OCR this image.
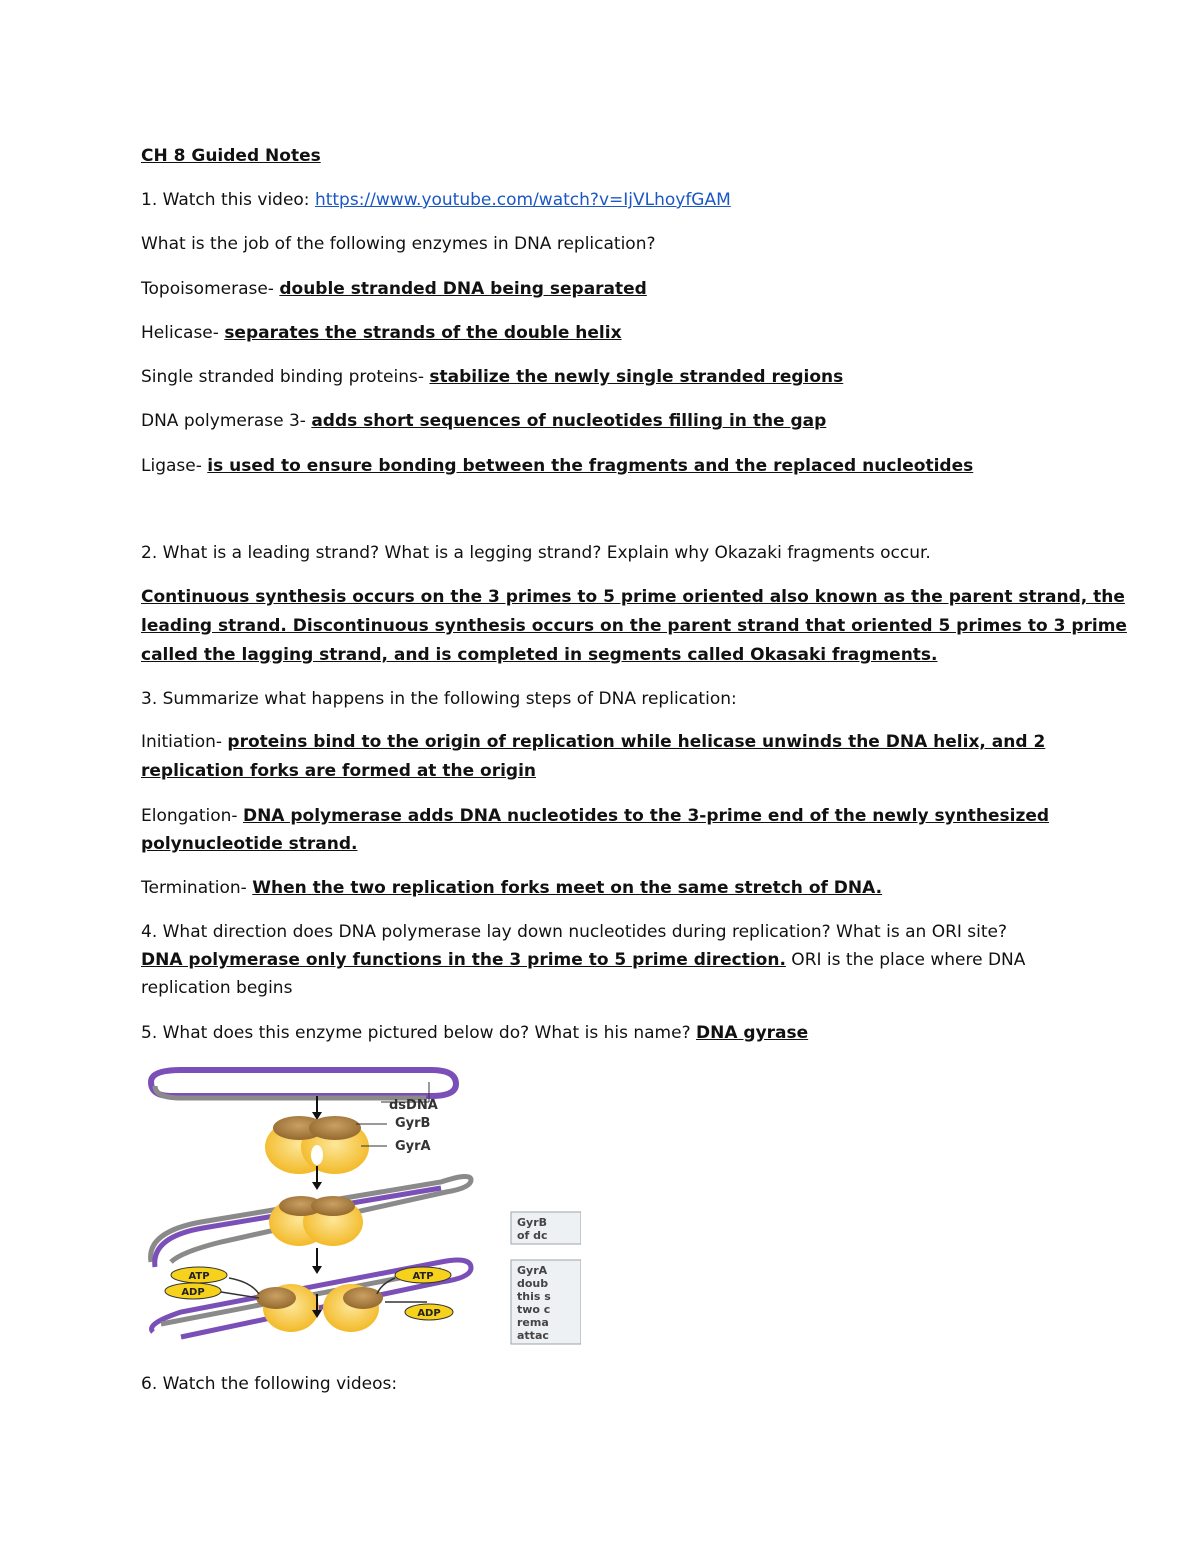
CH 8 Guided Notes
1. Watch this video: https://www.youtube.com/watch?v=IjVLhoyfGAM
What is the job of the following enzymes in DNA replication?
Topoisomerase- double stranded DNA being separated
Helicase- separates the strands of the double helix
Single stranded binding proteins- stabilize the newly single stranded regions
DNA polymerase 3- adds short sequences of nucleotides filling in the gap
Ligase- is used to ensure bonding between the fragments and the replaced nucleotides
2. What is a leading strand? What is a legging strand? Explain why Okazaki fragments occur.
Continuous synthesis occurs on the 3 primes to 5 prime oriented also known as the parent strand, the
leading strand. Discontinuous synthesis occurs on the parent strand that oriented 5 primes to 3 prime
called the lagging strand, and is completed in segments called Okasaki fragments.
3. Summarize what happens in the following steps of DNA replication:
Initiation- proteins bind to the origin of replication while helicase unwinds the DNA helix, and 2
replication forks are formed at the origin
Elongation- DNA polymerase adds DNA nucleotides to the 3-prime end of the newly synthesized
polynucleotide strand.
Termination- When the two replication forks meet on the same stretch of DNA.
4. What direction does DNA polymerase lay down nucleotides during replication? What is an ORI site?
DNA polymerase only functions in the 3 prime to 5 prime direction. ORI is the place where DNA
replication begins
5. What does this enzyme pictured below do? What is his name? DNA gyrase
6. Watch the following videos:
dsDNA
GyrB
GyrA
ATP
ADP
ATP
ADP
GyrB
of dc
GyrA
doub
this s
two c
rema
attac
